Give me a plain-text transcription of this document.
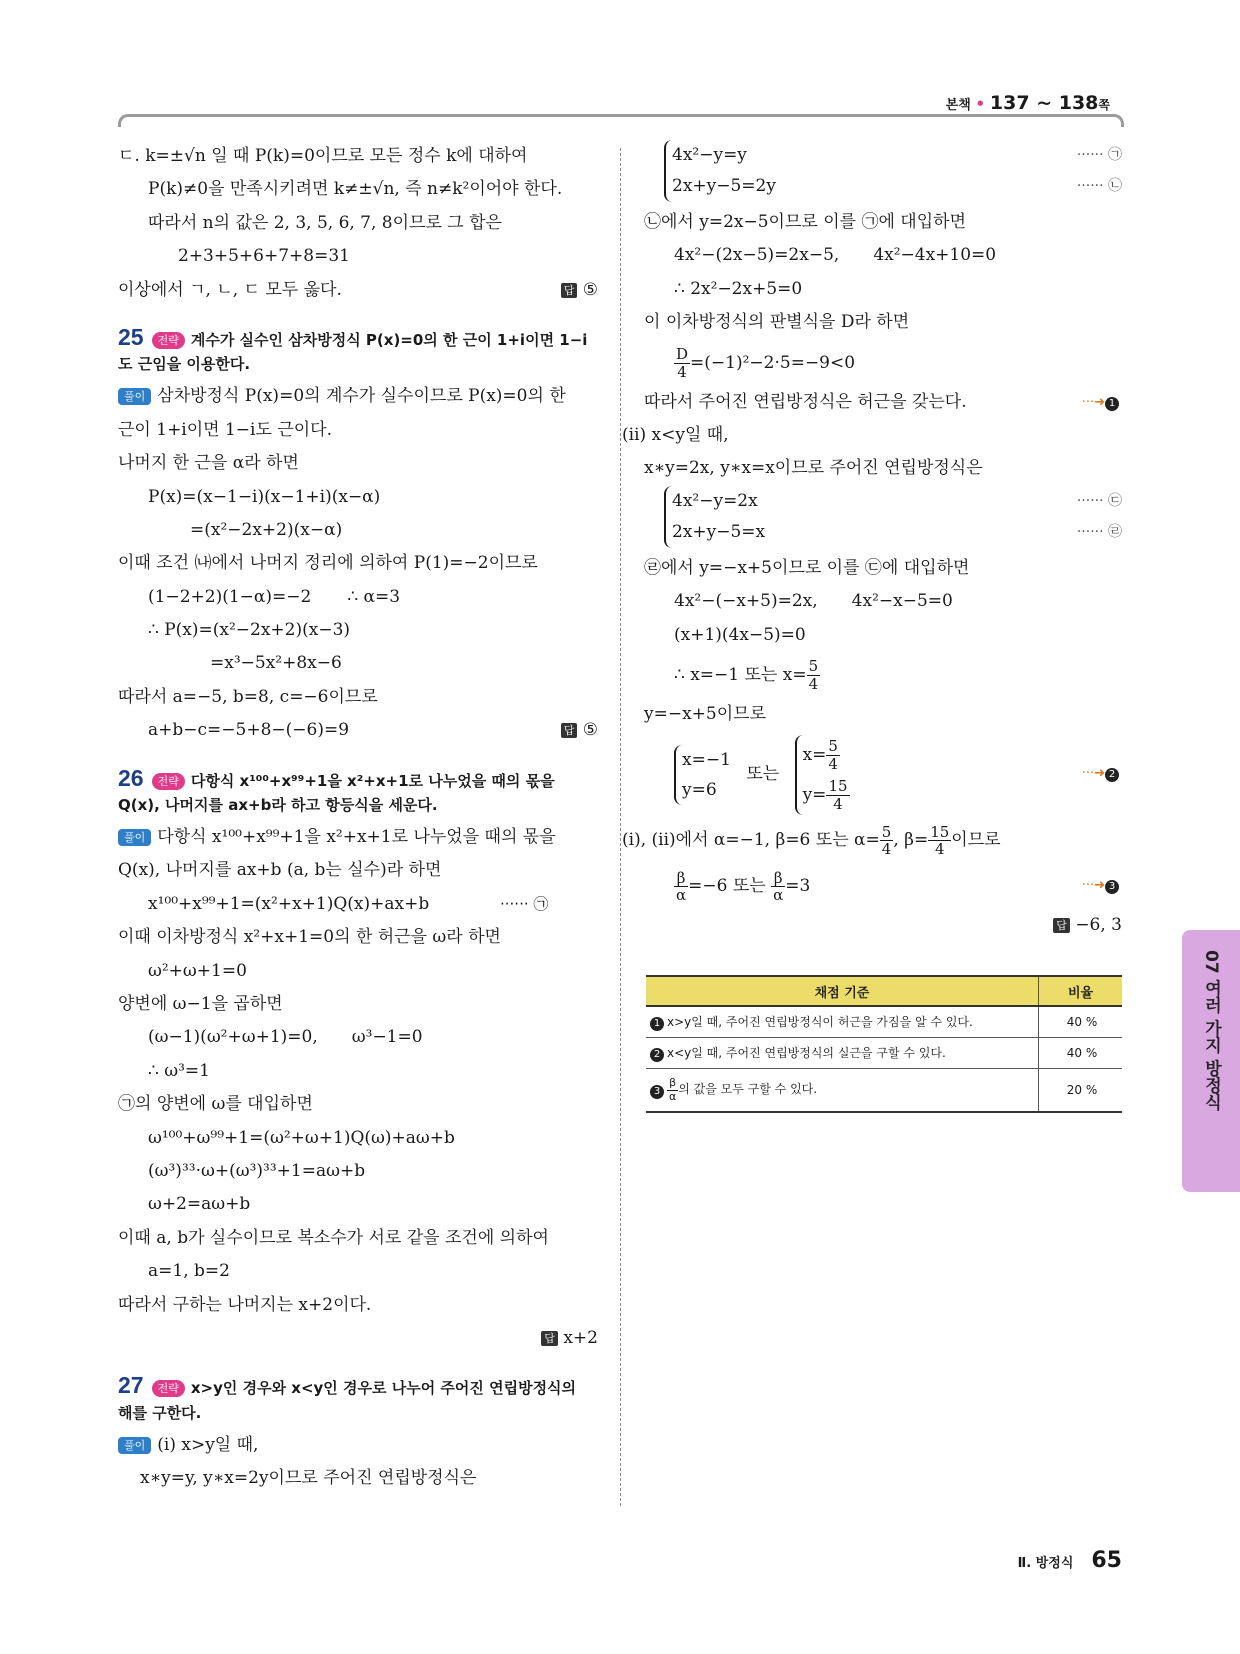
본책 • 137 ~ 138쪽
ㄷ. k=±√n 일 때 P(k)=0이므로 모든 정수 k에 대하여
P(k)≠0을 만족시키려면 k≠±√n, 즉 n≠k²이어야 한다.
따라서 n의 값은 2, 3, 5, 6, 7, 8이므로 그 합은
2+3+5+6+7+8=31
이상에서 ㄱ, ㄴ, ㄷ 모두 옳다.	답 ⑤
25 전략 계수가 실수인 삼차방정식 P(x)=0의 한 근이 1+i이면 1−i
도 근임을 이용한다.
풀이 삼차방정식 P(x)=0의 계수가 실수이므로 P(x)=0의 한
근이 1+i이면 1−i도 근이다.
나머지 한 근을 α라 하면
P(x)=(x−1−i)(x−1+i)(x−α)
=(x²−2x+2)(x−α)
이때 조건 ㈏에서 나머지 정리에 의하여 P(1)=−2이므로
(1−2+2)(1−α)=−2 ∴ α=3
∴ P(x)=(x²−2x+2)(x−3)
=x³−5x²+8x−6
따라서 a=−5, b=8, c=−6이므로
a+b−c=−5+8−(−6)=9	답 ⑤
26 전략 다항식 x¹⁰⁰+x⁹⁹+1을 x²+x+1로 나누었을 때의 몫을
Q(x), 나머지를 ax+b라 하고 항등식을 세운다.
풀이 다항식 x¹⁰⁰+x⁹⁹+1을 x²+x+1로 나누었을 때의 몫을
Q(x), 나머지를 ax+b (a, b는 실수)라 하면
x¹⁰⁰+x⁹⁹+1=(x²+x+1)Q(x)+ax+b	······ ㉠
이때 이차방정식 x²+x+1=0의 한 허근을 ω라 하면
ω²+ω+1=0
양변에 ω−1을 곱하면
(ω−1)(ω²+ω+1)=0, ω³−1=0
∴ ω³=1
㉠의 양변에 ω를 대입하면
ω¹⁰⁰+ω⁹⁹+1=(ω²+ω+1)Q(ω)+aω+b
(ω³)³³·ω+(ω³)³³+1=aω+b
ω+2=aω+b
이때 a, b가 실수이므로 복소수가 서로 같을 조건에 의하여
a=1, b=2
따라서 구하는 나머지는 x+2이다.
답 x+2
27 전략 x>y인 경우와 x<y인 경우로 나누어 주어진 연립방정식의
해를 구한다.
풀이 (ⅰ) x>y일 때,
x∗y=y, y∗x=2y이므로 주어진 연립방정식은
4x²−y=y
2x+y−5=2y
······ ㉠
······ ㉡
㉡에서 y=2x−5이므로 이를 ㉠에 대입하면
4x²−(2x−5)=2x−5, 4x²−4x+10=0
∴ 2x²−2x+5=0
이 이차방정식의 판별식을 D라 하면
$\frac{D}{4} =(-1)^2-2\cdot 5=-9<0$
따라서 주어진 연립방정식은 허근을 갖는다.	···➜ 1
(ⅱ) x<y일 때,
x∗y=2x, y∗x=x이므로 주어진 연립방정식은
4x²−y=2x
2x+y−5=x
······ ㉢
······ ㉣
㉣에서 y=−x+5이므로 이를 ㉢에 대입하면
4x²−(−x+5)=2x, 4x²−x−5=0
(x+1)(4x−5)=0
∴ x=−1 또는 $x= \frac{5}{4}$
y=−x+5이므로
x=−1
y=6
또는
$x= \frac{5}{4}$
$y= \frac{15}{4}$
···➜ 2
(ⅰ), (ⅱ)에서 α=−1, β=6 또는 $\alpha= \frac{5}{4}$ , $\beta= \frac{15}{4}$ 이므로
$\frac{\beta}{\alpha} =-6$ 또는 $\frac{\beta}{\alpha} =3$	···➜ 3
답 −6, 3
채점 기준	비율
1 x>y일 때, 주어진 연립방정식이 허근을 가짐을 알 수 있다.	40 %
2 x<y일 때, 주어진 연립방정식의 실근을 구할 수 있다.	40 %
$3 \frac{\beta}{\alpha}$ 의 값을 모두 구할 수 있다.	20 %	07 여러 가지 방정식
Ⅱ. 방정식 65
